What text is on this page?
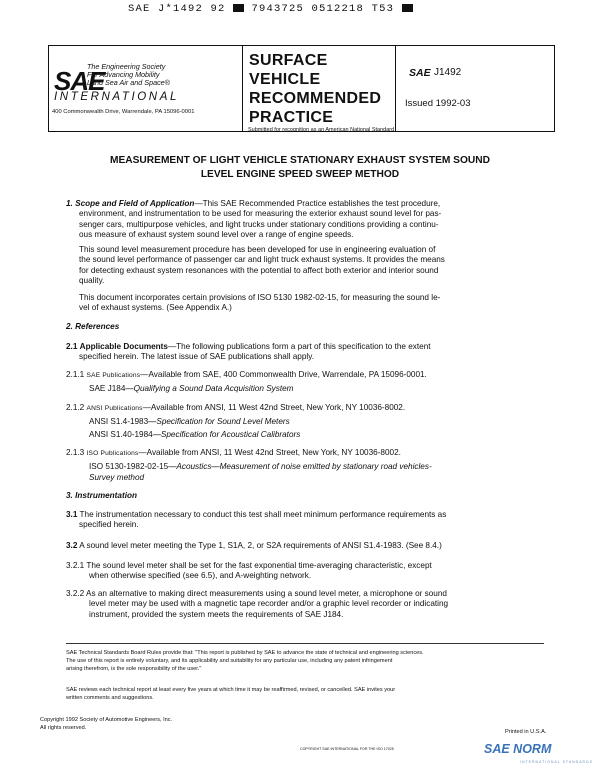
SAE J*1492 92 7943725 0512218 T53
SAE
The Engineering Society
For Advancing Mobility
Land Sea Air and Space®
INTERNATIONAL
400 Commonwealth Drive, Warrendale, PA 15096-0001
SURFACE
VEHICLE
RECOMMENDED
PRACTICE
SAE J1492
Issued 1992-03
Submitted for recognition as an American National Standard
MEASUREMENT OF LIGHT VEHICLE STATIONARY EXHAUST SYSTEM SOUND
LEVEL ENGINE SPEED SWEEP METHOD
1. Scope and Field of Application—This SAE Recommended Practice establishes the test procedure,
environment, and instrumentation to be used for measuring the exterior exhaust sound level for pas-
senger cars, multipurpose vehicles, and light trucks under stationary conditions providing a continu-
ous measure of exhaust system sound level over a range of engine speeds.
This sound level measurement procedure has been developed for use in engineering evaluation of
the sound level performance of passenger car and light truck exhaust systems. It provides the means
for detecting exhaust system resonances with the potential to affect both exterior and interior sound
quality.
This document incorporates certain provisions of ISO 5130 1982-02-15, for measuring the sound le-
vel of exhaust systems. (See Appendix A.)
2. References
2.1 Applicable Documents—The following publications form a part of this specification to the extent
specified herein. The latest issue of SAE publications shall apply.
2.1.1 SAE Publications—Available from SAE, 400 Commonwealth Drive, Warrendale, PA 15096-0001.
SAE J184—Qualifying a Sound Data Acquisition System
2.1.2 ANSI Publications—Available from ANSI, 11 West 42nd Street, New York, NY 10036-8002.
ANSI S1.4-1983—Specification for Sound Level Meters
ANSI S1.40-1984—Specification for Acoustical Calibrators
2.1.3 ISO Publications—Available from ANSI, 11 West 42nd Street, New York, NY 10036-8002.
ISO 5130-1982-02-15—Acoustics—Measurement of noise emitted by stationary road vehicles-
Survey method
3. Instrumentation
3.1 The instrumentation necessary to conduct this test shall meet minimum performance requirements as
specified herein.
3.2 A sound level meter meeting the Type 1, S1A, 2, or S2A requirements of ANSI S1.4-1983. (See 8.4.)
3.2.1 The sound level meter shall be set for the fast exponential time-averaging characteristic, except
when otherwise specified (see 6.5), and A-weighting network.
3.2.2 As an alternative to making direct measurements using a sound level meter, a microphone or sound
level meter may be used with a magnetic tape recorder and/or a graphic level recorder or indicating
instrument, provided the system meets the requirements of SAE J184.
SAE Technical Standards Board Rules provide that: "This report is published by SAE to advance the state of technical and engineering sciences.
The use of this report is entirely voluntary, and its applicability and suitability for any particular use, including any patent infringement
arising therefrom, is the sole responsibility of the user."
SAE reviews each technical report at least every five years at which time it may be reaffirmed, revised, or cancelled. SAE invites your
written comments and suggestions.
Copyright 1992 Society of Automotive Engineers, Inc.
All rights reserved.
Printed in U.S.A.
COPYRIGHT SAE INTERNATIONAL FOR THE ISO 17025	SAE NORM
INTERNATIONAL STANDARDS
